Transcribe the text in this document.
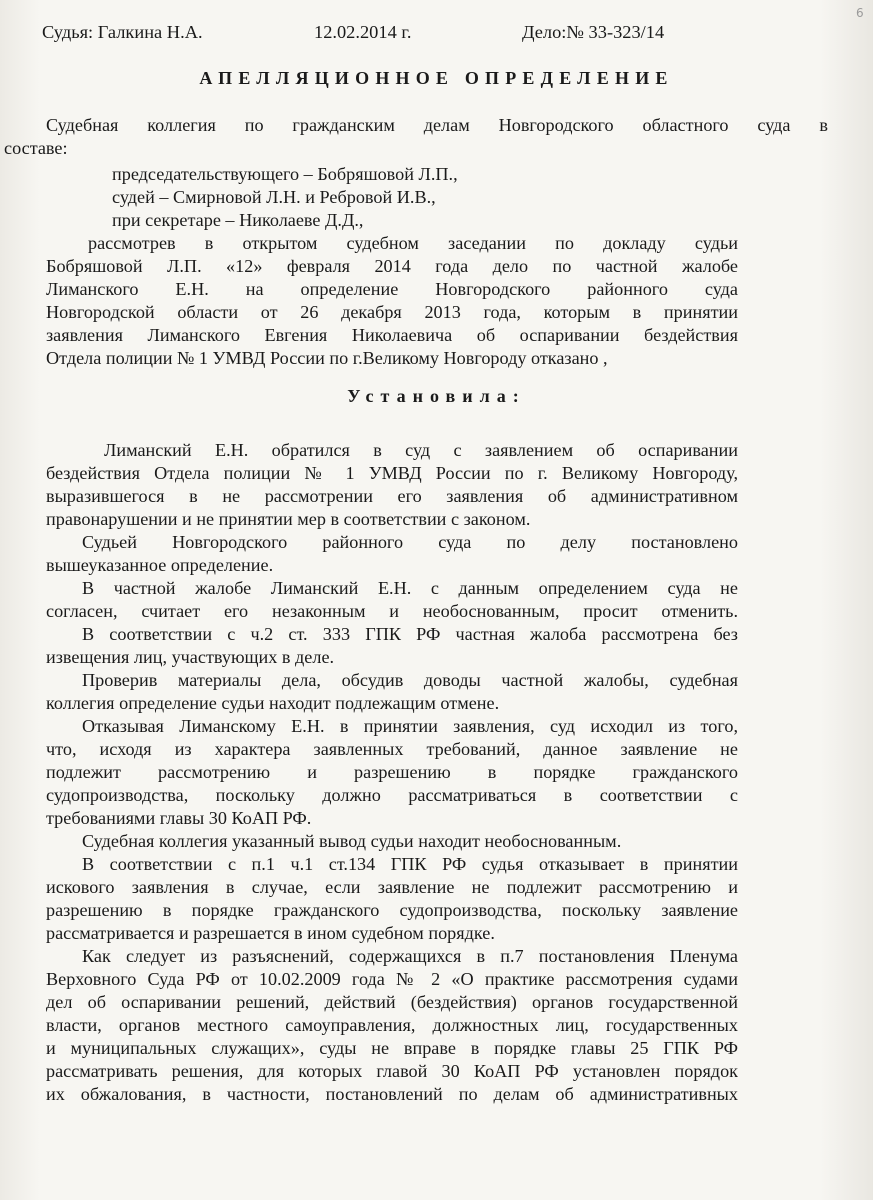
6
Судья: Галкина Н.А.	12.02.2014 г.	Дело:№ 33-323/14
АПЕЛЛЯЦИОННОЕ ОПРЕДЕЛЕНИЕ
Судебная коллегия по гражданским делам Новгородского областного суда в
составе:
председательствующего – Бобряшовой Л.П.,
судей – Смирновой Л.Н. и Ребровой И.В.,
при секретаре – Николаеве Д.Д.,
рассмотрев в открытом судебном заседании по докладу судьи
Бобряшовой Л.П. «12» февраля 2014 года дело по частной жалобе
Лиманского Е.Н. на определение Новгородского районного суда
Новгородской области от 26 декабря 2013 года, которым в принятии
заявления Лиманского Евгения Николаевича об оспаривании бездействия
Отдела полиции № 1 УМВД России по г.Великому Новгороду отказано ,
Установила:
Лиманский Е.Н. обратился в суд с заявлением об оспаривании
бездействия Отдела полиции № 1 УМВД России по г. Великому Новгороду,
выразившегося в не рассмотрении его заявления об административном
правонарушении и не принятии мер в соответствии с законом.
Судьей Новгородского районного суда по делу постановлено
вышеуказанное определение.
В частной жалобе Лиманский Е.Н. с данным определением суда не
согласен, считает его незаконным и необоснованным, просит отменить.
В соответствии с ч.2 ст. 333 ГПК РФ частная жалоба рассмотрена без
извещения лиц, участвующих в деле.
Проверив материалы дела, обсудив доводы частной жалобы, судебная
коллегия определение судьи находит подлежащим отмене.
Отказывая Лиманскому Е.Н. в принятии заявления, суд исходил из того,
что, исходя из характера заявленных требований, данное заявление не
подлежит рассмотрению и разрешению в порядке гражданского
судопроизводства, поскольку должно рассматриваться в соответствии с
требованиями главы 30 КоАП РФ.
Судебная коллегия указанный вывод судьи находит необоснованным.
В соответствии с п.1 ч.1 ст.134 ГПК РФ судья отказывает в принятии
искового заявления в случае, если заявление не подлежит рассмотрению и
разрешению в порядке гражданского судопроизводства, поскольку заявление
рассматривается и разрешается в ином судебном порядке.
Как следует из разъяснений, содержащихся в п.7 постановления Пленума
Верховного Суда РФ от 10.02.2009 года № 2 «О практике рассмотрения судами
дел об оспаривании решений, действий (бездействия) органов государственной
власти, органов местного самоуправления, должностных лиц, государственных
и муниципальных служащих», суды не вправе в порядке главы 25 ГПК РФ
рассматривать решения, для которых главой 30 КоАП РФ установлен порядок
их обжалования, в частности, постановлений по делам об административных
